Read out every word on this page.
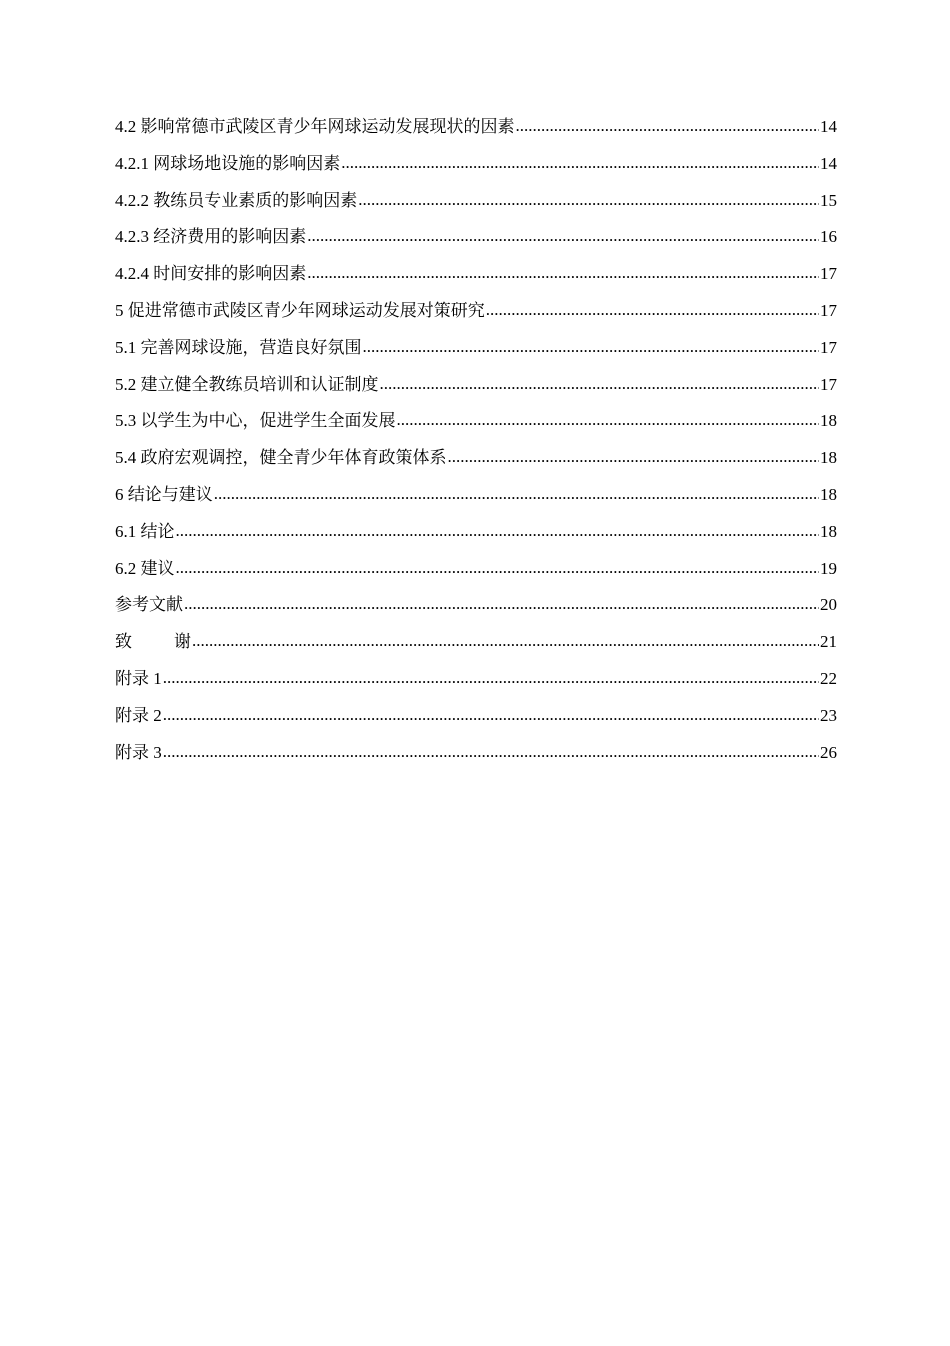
4.2 影响常德市武陵区青少年网球运动发展现状的因素 .....	14
4.2.1 网球场地设施的影响因素 .....	14
4.2.2 教练员专业素质的影响因素 .....	15
4.2.3 经济费用的影响因素 .....	16
4.2.4 时间安排的影响因素 .....	17
5 促进常德市武陵区青少年网球运动发展对策研究 .....	17
5.1 完善网球设施，营造良好氛围 .....	17
5.2 建立健全教练员培训和认证制度 .....	17
5.3 以学生为中心，促进学生全面发展 .....	18
5.4 政府宏观调控，健全青少年体育政策体系 .....	18
6 结论与建议 .....	18
6.1 结论 .....	18
6.2 建议 .....	19
参考文献 .....	20
致 谢 .....	21
附录 1 .....	22
附录 2 .....	23
附录 3 .....	26
